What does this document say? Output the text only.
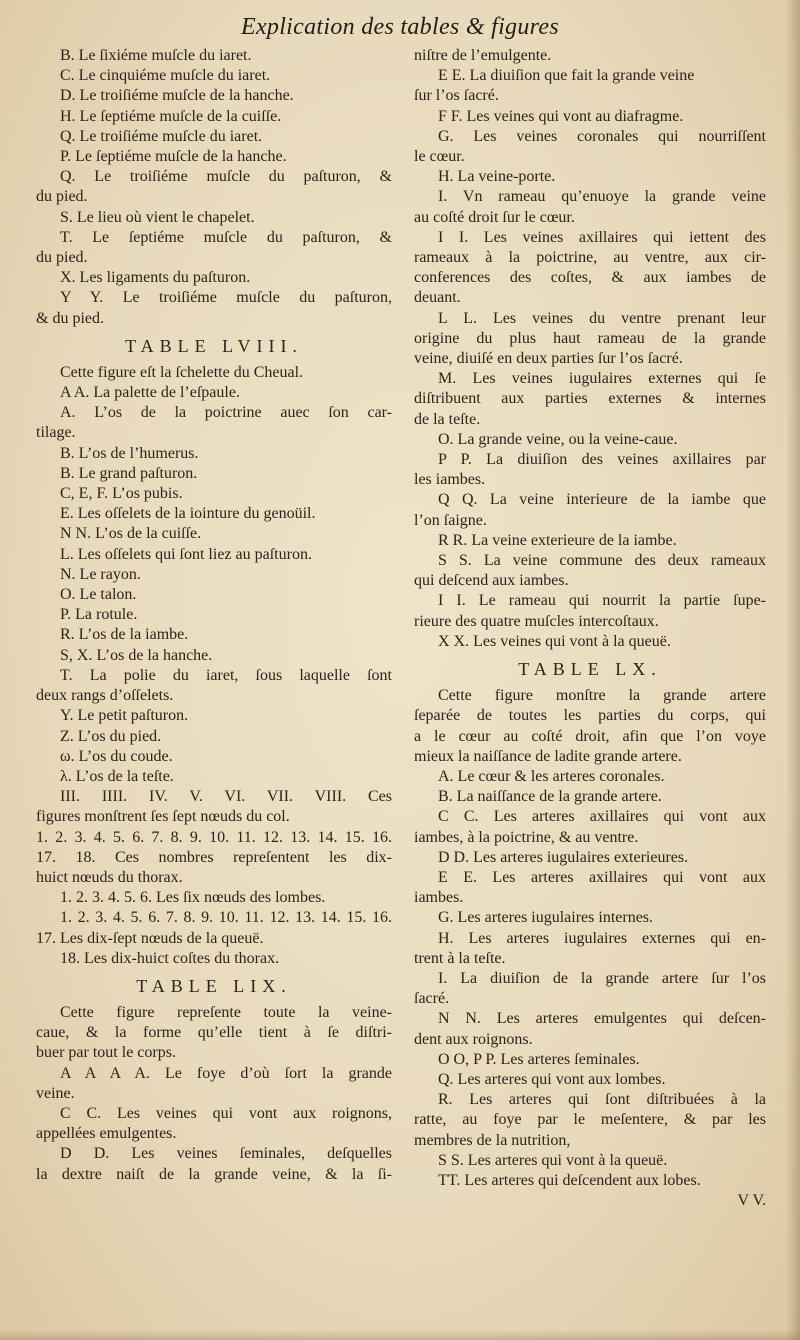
Explication des tables & figures
B. Le ſixiéme muſcle du iaret.
C. Le cinquiéme muſcle du iaret.
D. Le troiſiéme muſcle de la hanche.
H. Le ſeptiéme muſcle de la cuiſſe.
Q. Le troiſiéme muſcle du iaret.
P. Le ſeptiéme muſcle de la hanche.
Q. Le troiſiéme muſcle du paſturon, &
du pied.
S. Le lieu où vient le chapelet.
T. Le ſeptiéme muſcle du paſturon, &
du pied.
X. Les ligaments du paſturon.
Y Y. Le troiſiéme muſcle du paſturon,
& du pied.
TABLE LVIII.
Cette figure eſt la ſchelette du Cheual.
A A. La palette de l’eſpaule.
A. L’os de la poictrine auec ſon car-
tilage.
B. L’os de l’humerus.
B. Le grand paſturon.
C, E, F. L’os pubis.
E. Les oſſelets de la iointure du genoüil.
N N. L’os de la cuiſſe.
L. Les oſſelets qui ſont liez au paſturon.
N. Le rayon.
O. Le talon.
P. La rotule.
R. L’os de la iambe.
S, X. L’os de la hanche.
T. La polie du iaret, ſous laquelle ſont
deux rangs d’oſſelets.
Y. Le petit paſturon.
Z. L’os du pied.
ω. L’os du coude.
λ. L’os de la teſte.
III. IIII. IV. V. VI. VII. VIII. Ces
figures monſtrent ſes ſept nœuds du col.
1. 2. 3. 4. 5. 6. 7. 8. 9. 10. 11. 12. 13. 14. 15. 16.
17. 18. Ces nombres repreſentent les dix-
huict nœuds du thorax.
1. 2. 3. 4. 5. 6. Les ſix nœuds des lombes.
1. 2. 3. 4. 5. 6. 7. 8. 9. 10. 11. 12. 13. 14. 15. 16.
17. Les dix-ſept nœuds de la queuë.
18. Les dix-huict coſtes du thorax.
TABLE LIX.
Cette figure repreſente toute la veine-
caue, & la forme qu’elle tient à ſe diſtri-
buer par tout le corps.
A A A A. Le foye d’où ſort la grande
veine.
C C. Les veines qui vont aux roignons,
appellées emulgentes.
D D. Les veines ſeminales, deſquelles
la dextre naiſt de la grande veine, & la ſi-
niſtre de l’emulgente.
E E. La diuiſion que fait la grande veine
ſur l’os ſacré.
F F. Les veines qui vont au diafragme.
G. Les veines coronales qui nourriſſent
le cœur.
H. La veine-porte.
I. Vn rameau qu’enuoye la grande veine
au coſté droit ſur le cœur.
I I. Les veines axillaires qui iettent des
rameaux à la poictrine, au ventre, aux cir-
conferences des coſtes, & aux iambes de
deuant.
L L. Les veines du ventre prenant leur
origine du plus haut rameau de la grande
veine, diuiſé en deux parties ſur l’os ſacré.
M. Les veines iugulaires externes qui ſe
diſtribuent aux parties externes & internes
de la teſte.
O. La grande veine, ou la veine-caue.
P P. La diuiſion des veines axillaires par
les iambes.
Q Q. La veine interieure de la iambe que
l’on ſaigne.
R R. La veine exterieure de la iambe.
S S. La veine commune des deux rameaux
qui deſcend aux iambes.
I I. Le rameau qui nourrit la partie ſupe-
rieure des quatre muſcles intercoſtaux.
X X. Les veines qui vont à la queuë.
TABLE LX.
Cette figure monſtre la grande artere
ſeparée de toutes les parties du corps, qui
a le cœur au coſté droit, afin que l’on voye
mieux la naiſſance de ladite grande artere.
A. Le cœur & les arteres coronales.
B. La naiſſance de la grande artere.
C C. Les arteres axillaires qui vont aux
iambes, à la poictrine, & au ventre.
D D. Les arteres iugulaires exterieures.
E E. Les arteres axillaires qui vont aux
iambes.
G. Les arteres iugulaires internes.
H. Les arteres iugulaires externes qui en-
trent à la teſte.
I. La diuiſion de la grande artere ſur l’os
ſacré.
N N. Les arteres emulgentes qui deſcen-
dent aux roignons.
O O, P P. Les arteres ſeminales.
Q. Les arteres qui vont aux lombes.
R. Les arteres qui ſont diſtribuées à la
ratte, au foye par le meſentere, & par les
membres de la nutrition,
S S. Les arteres qui vont à la queuë.
TT. Les arteres qui deſcendent aux lobes.
V V.
